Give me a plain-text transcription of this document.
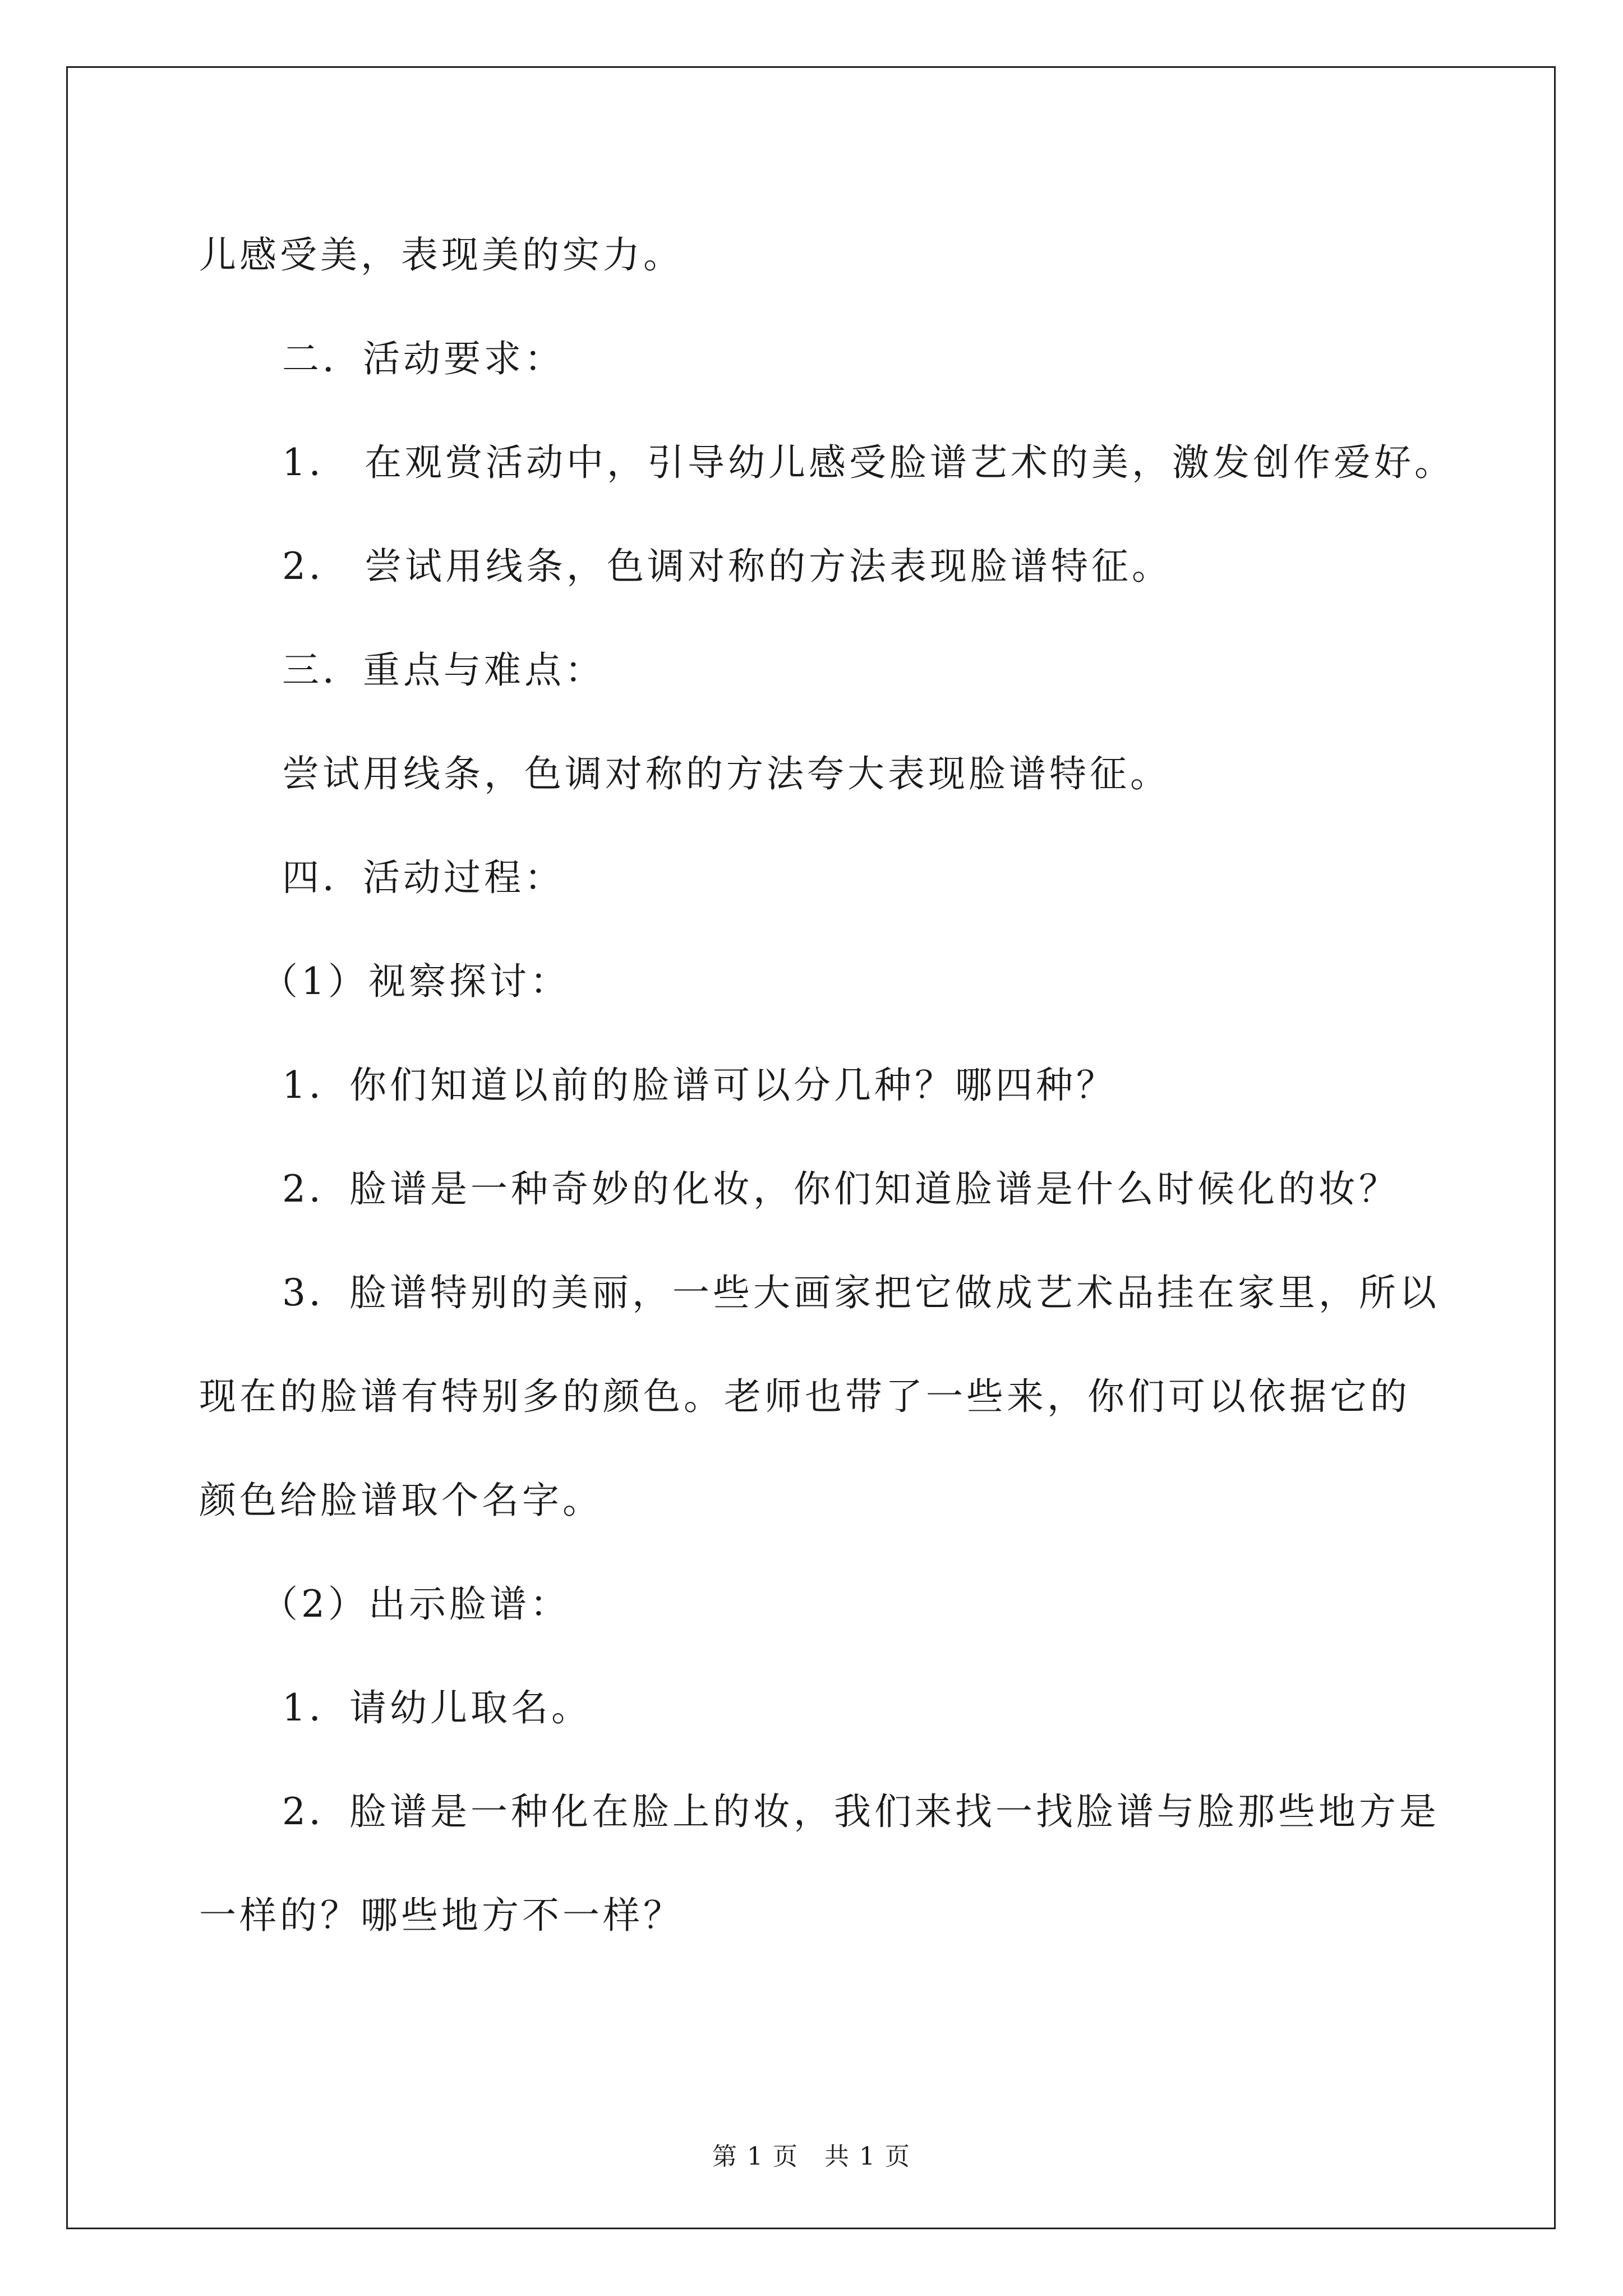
儿感受美，表现美的实力。
二．活动要求：
1． 在观赏活动中，引导幼儿感受脸谱艺术的美，激发创作爱好。
2． 尝试用线条，色调对称的方法表现脸谱特征。
三．重点与难点：
尝试用线条，色调对称的方法夸大表现脸谱特征。
四．活动过程：
（1）视察探讨：
1．你们知道以前的脸谱可以分几种？哪四种？
2．脸谱是一种奇妙的化妆，你们知道脸谱是什么时候化的妆？
3．脸谱特别的美丽，一些大画家把它做成艺术品挂在家里，所以
现在的脸谱有特别多的颜色。老师也带了一些来，你们可以依据它的
颜色给脸谱取个名字。
（2）出示脸谱：
1．请幼儿取名。
2．脸谱是一种化在脸上的妆，我们来找一找脸谱与脸那些地方是
一样的？哪些地方不一样？
第 1 页　共 1 页
